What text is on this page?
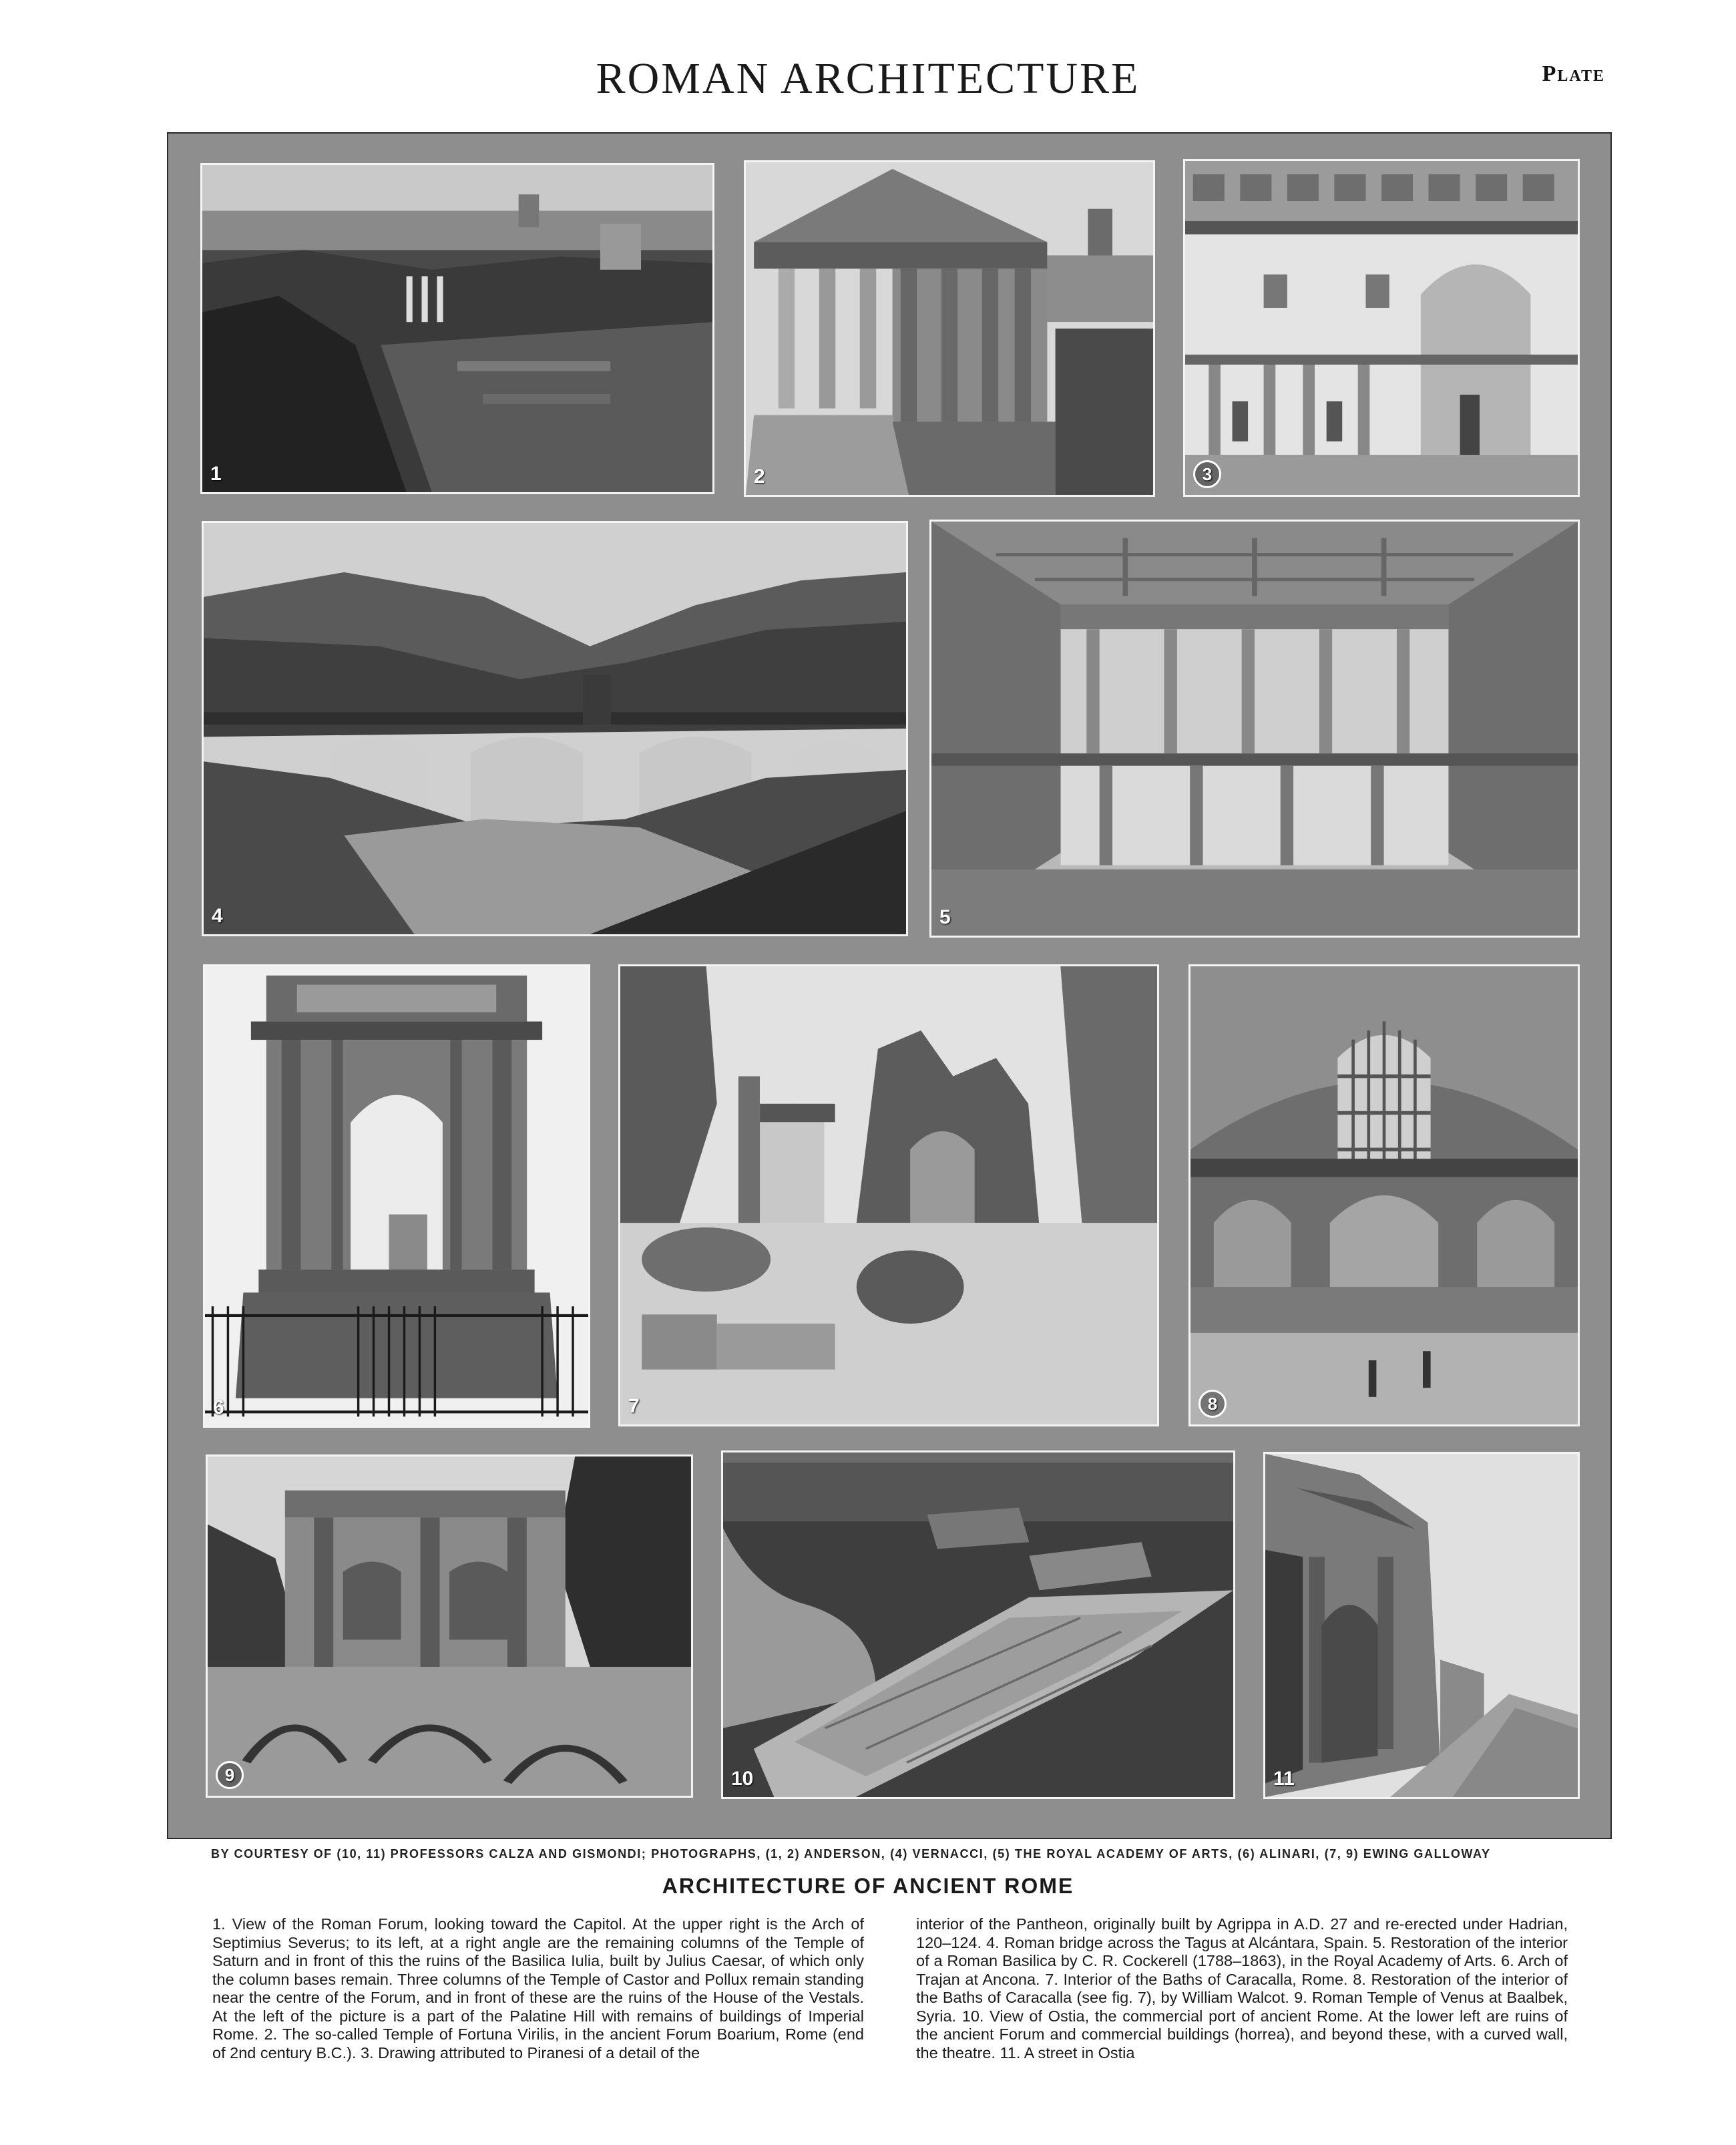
ROMAN ARCHITECTURE	Plate
1	2	3
4	5
6	7	8
9	10	11
BY COURTESY OF (10, 11) PROFESSORS CALZA AND GISMONDI; PHOTOGRAPHS, (1, 2) ANDERSON, (4) VERNACCI, (5) THE ROYAL ACADEMY OF ARTS, (6) ALINARI, (7, 9) EWING GALLOWAY
ARCHITECTURE OF ANCIENT ROME
1. View of the Roman Forum, looking toward the Capitol. At the upper right is the Arch of Septimius Severus; to its left, at a right angle are the remaining columns of the Temple of Saturn and in front of this the ruins of the Basilica Iulia, built by Julius Caesar, of which only the column bases remain. Three columns of the Temple of Castor and Pollux remain standing near the centre of the Forum, and in front of these are the ruins of the House of the Vestals. At the left of the picture is a part of the Palatine Hill with remains of buildings of Imperial Rome. 2. The so-called Temple of Fortuna Virilis, in the ancient Forum Boarium, Rome (end of 2nd century B.C.). 3. Drawing attributed to Piranesi of a detail of the
interior of the Pantheon, originally built by Agrippa in A.D. 27 and re-erected under Hadrian, 120–124. 4. Roman bridge across the Tagus at Alcántara, Spain. 5. Restoration of the interior of a Roman Basilica by C. R. Cockerell (1788–1863), in the Royal Academy of Arts. 6. Arch of Trajan at Ancona. 7. Interior of the Baths of Caracalla, Rome. 8. Restoration of the interior of the Baths of Caracalla (see fig. 7), by William Walcot. 9. Roman Temple of Venus at Baalbek, Syria. 10. View of Ostia, the commercial port of ancient Rome. At the lower left are ruins of the ancient Forum and commercial buildings (horrea), and beyond these, with a curved wall, the theatre. 11. A street in Ostia
